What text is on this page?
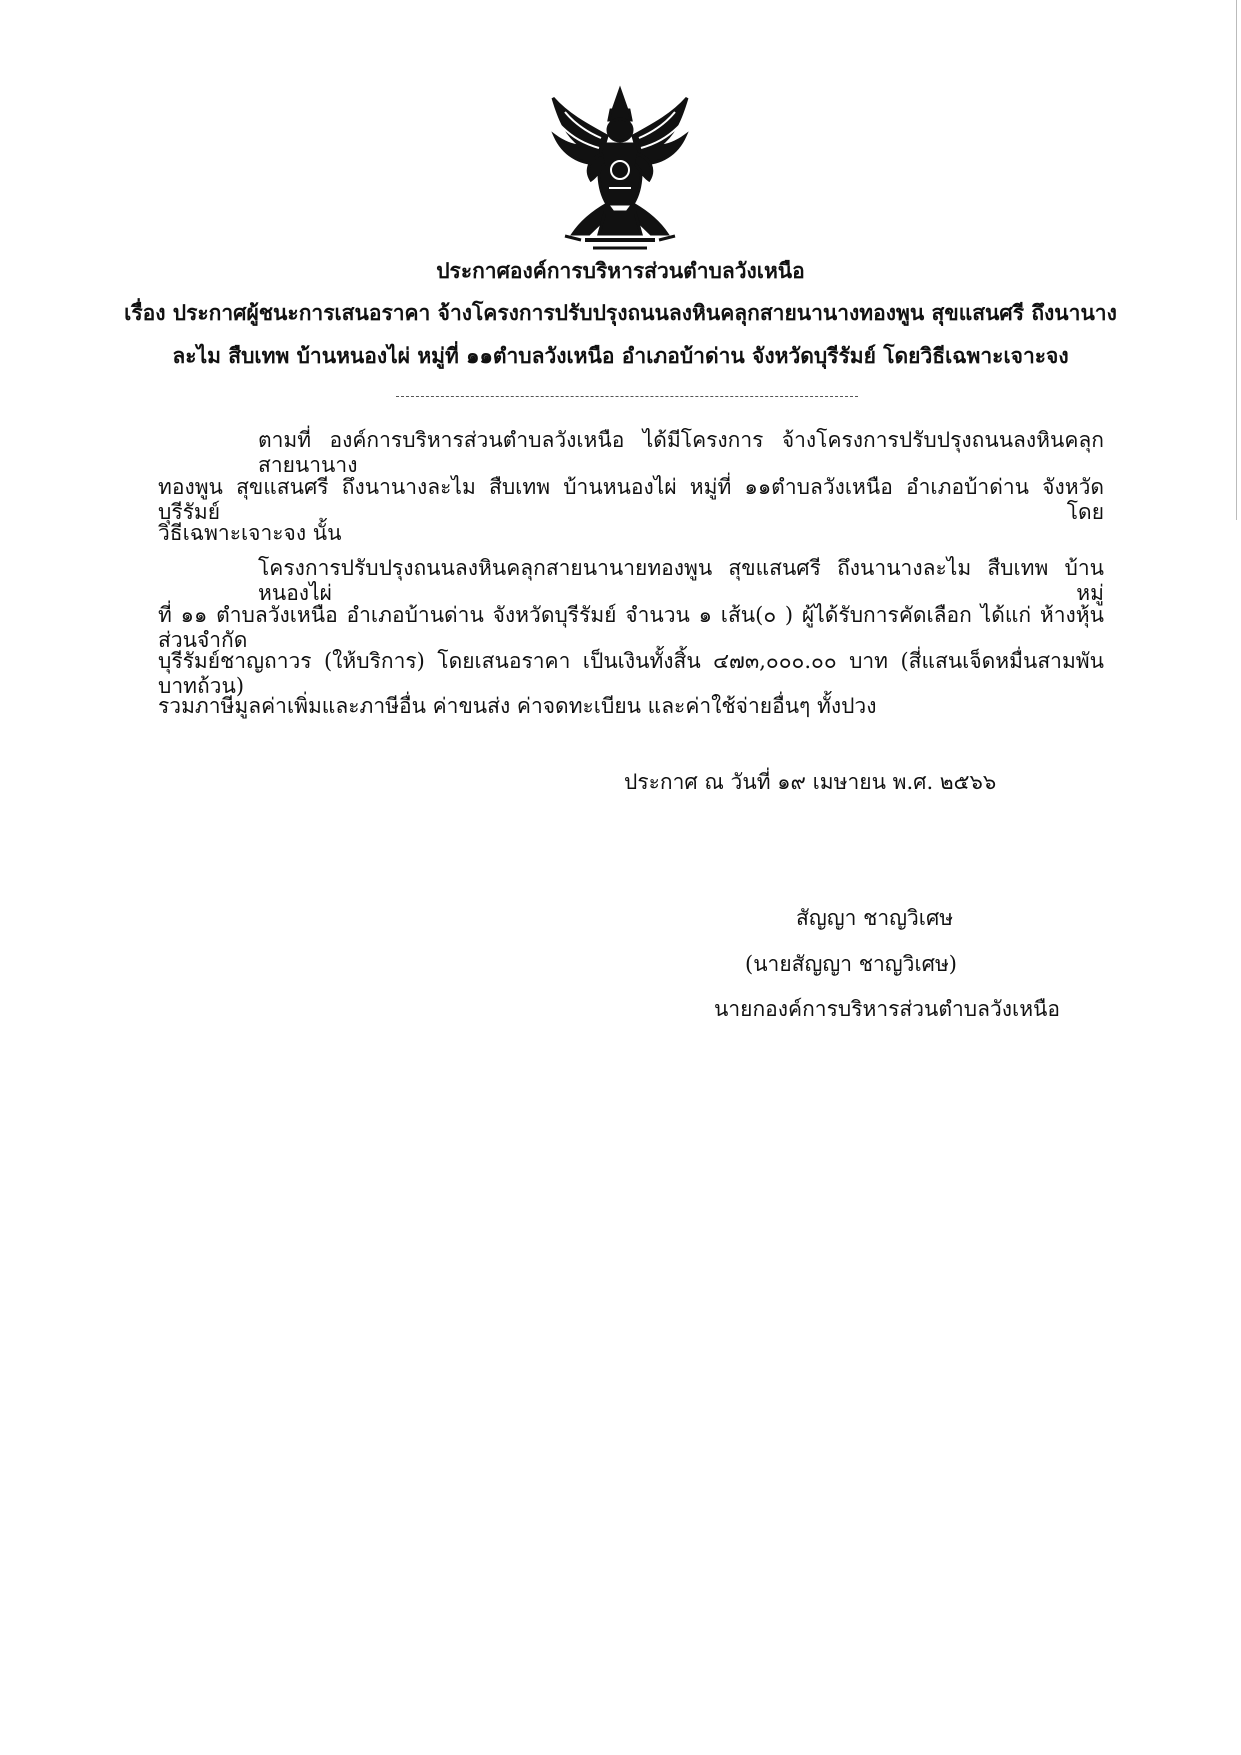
ประกาศองค์การบริหารส่วนตำบลวังเหนือ
เรื่อง ประกาศผู้ชนะการเสนอราคา จ้างโครงการปรับปรุงถนนลงหินคลุกสายนานางทองพูน สุขแสนศรี ถึงนานาง
ละไม สืบเทพ บ้านหนองไผ่ หมู่ที่ ๑๑ตำบลวังเหนือ อำเภอบ้าด่าน จังหวัดบุรีรัมย์ โดยวิธีเฉพาะเจาะจง
ตามที่ องค์การบริหารส่วนตำบลวังเหนือ ได้มีโครงการ จ้างโครงการปรับปรุงถนนลงหินคลุกสายนานาง
ทองพูน สุขแสนศรี ถึงนานางละไม สืบเทพ บ้านหนองไผ่ หมู่ที่ ๑๑ตำบลวังเหนือ อำเภอบ้าด่าน จังหวัดบุรีรัมย์ โดย
วิธีเฉพาะเจาะจง นั้น
โครงการปรับปรุงถนนลงหินคลุกสายนานายทองพูน สุขแสนศรี ถึงนานางละไม สืบเทพ บ้านหนองไผ่ หมู่
ที่ ๑๑ ตำบลวังเหนือ อำเภอบ้านด่าน จังหวัดบุรีรัมย์ จำนวน ๑ เส้น(๐ ) ผู้ได้รับการคัดเลือก ได้แก่ ห้างหุ้นส่วนจำกัด
บุรีรัมย์ชาญถาวร (ให้บริการ) โดยเสนอราคา เป็นเงินทั้งสิ้น ๔๗๓,๐๐๐.๐๐ บาท (สี่แสนเจ็ดหมื่นสามพันบาทถ้วน)
รวมภาษีมูลค่าเพิ่มและภาษีอื่น ค่าขนส่ง ค่าจดทะเบียน และค่าใช้จ่ายอื่นๆ ทั้งปวง
ประกาศ ณ วันที่ ๑๙ เมษายน พ.ศ. ๒๕๖๖
สัญญา ชาญวิเศษ
(นายสัญญา ชาญวิเศษ)
นายกองค์การบริหารส่วนตำบลวังเหนือ
